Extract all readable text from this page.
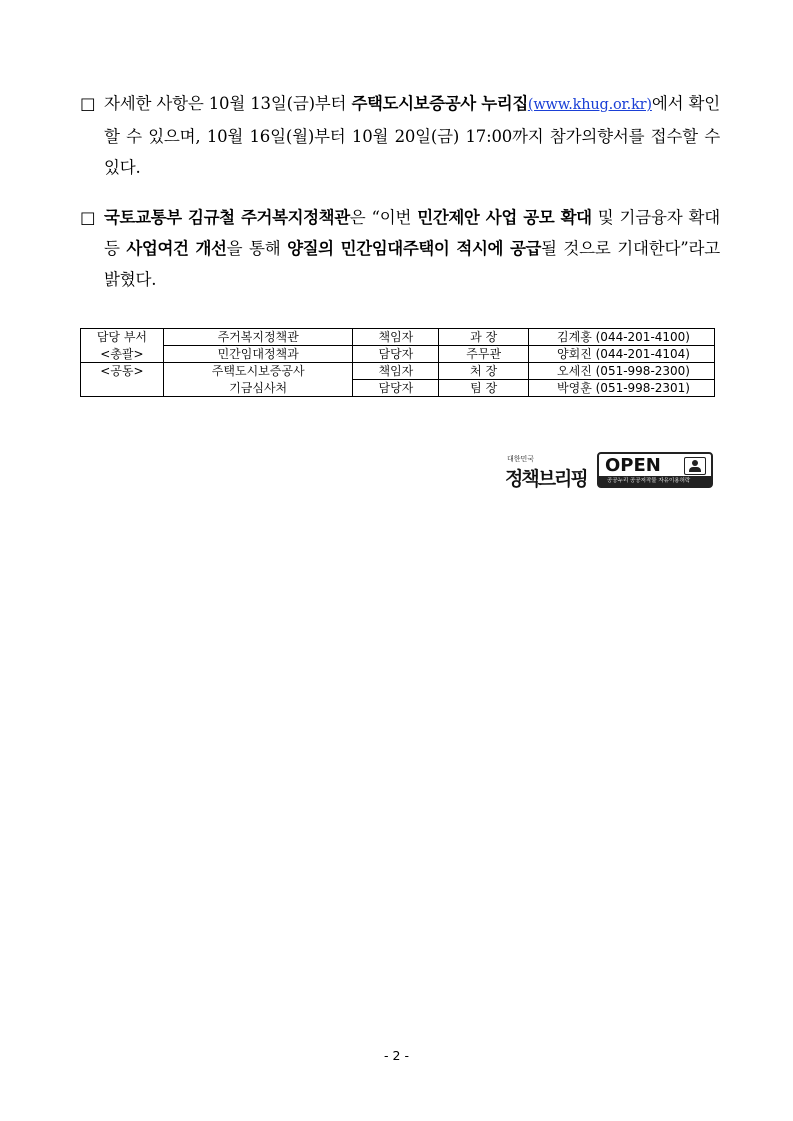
□ 자세한 사항은 10월 13일(금)부터 주택도시보증공사 누리집(www.khug.or.kr)에서 확인할 수 있으며, 10월 16일(월)부터 10월 20일(금) 17:00까지 참가의향서를 접수할 수 있다.
□ 국토교통부 김규철 주거복지정책관은 “이번 민간제안 사업 공모 확대 및 기금융자 확대 등 사업여건 개선을 통해 양질의 민간임대주택이 적시에 공급될 것으로 기대한다”라고 밝혔다.
담당 부서	주거복지정책관	책임자	과 장	김계홍 (044-201-4100)
<총괄>	민간임대정책과	담당자	주무관	양회진 (044-201-4104)
<공동>	주택도시보증공사	책임자	처 장	오세진 (051-998-2300)
	기금심사처	담당자	팀 장	박영훈 (051-998-2301)
대한민국
정책브리핑
OPEN
공공누리 공공저작물 자유이용허락
- 2 -
